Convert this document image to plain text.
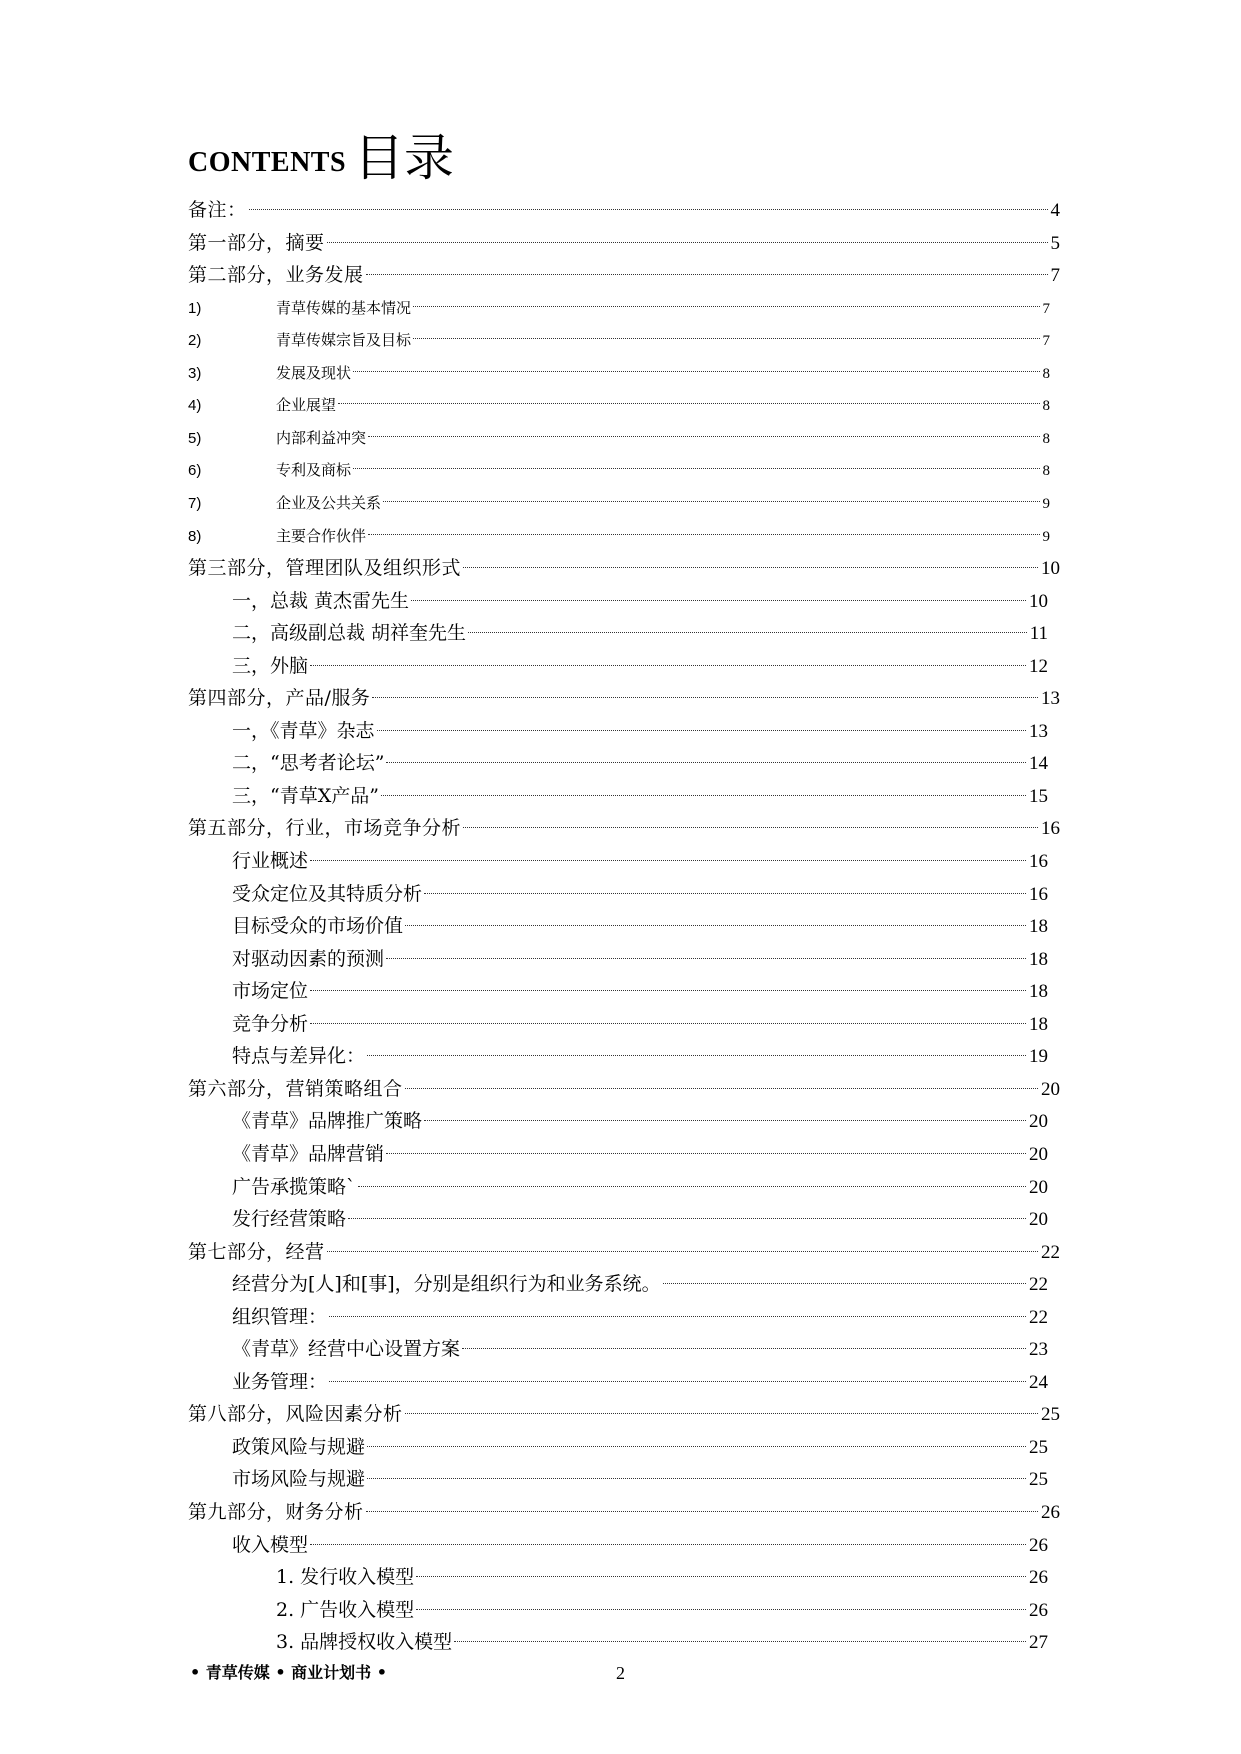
CONTENTS 目录
备注：	4
第一部分，摘要	5
第二部分，业务发展	7
1)	青草传媒的基本情况	7
2)	青草传媒宗旨及目标	7
3)	发展及现状	8
4)	企业展望	8
5)	内部利益冲突	8
6)	专利及商标	8
7)	企业及公共关系	9
8)	主要合作伙伴	9
第三部分，管理团队及组织形式	10
一，总裁 黄杰雷先生	10
二，高级副总裁 胡祥奎先生	11
三，外脑	12
第四部分，产品/服务	13
一，《青草》杂志	13
二，“思考者论坛”	14
三，“青草X产品”	15
第五部分，行业，市场竞争分析	16
行业概述	16
受众定位及其特质分析	16
目标受众的市场价值	18
对驱动因素的预测	18
市场定位	18
竞争分析	18
特点与差异化：	19
第六部分，营销策略组合	20
《青草》品牌推广策略	20
《青草》品牌营销	20
广告承揽策略`	20
发行经营策略	20
第七部分，经营	22
经营分为[人]和[事]，分别是组织行为和业务系统。	22
组织管理：	22
《青草》经营中心设置方案	23
业务管理：	24
第八部分，风险因素分析	25
政策风险与规避	25
市场风险与规避	25
第九部分，财务分析	26
收入模型	26
1. 发行收入模型	26
2. 广告收入模型	26
3. 品牌授权收入模型	27
• 青草传媒 • 商业计划书 •	2
